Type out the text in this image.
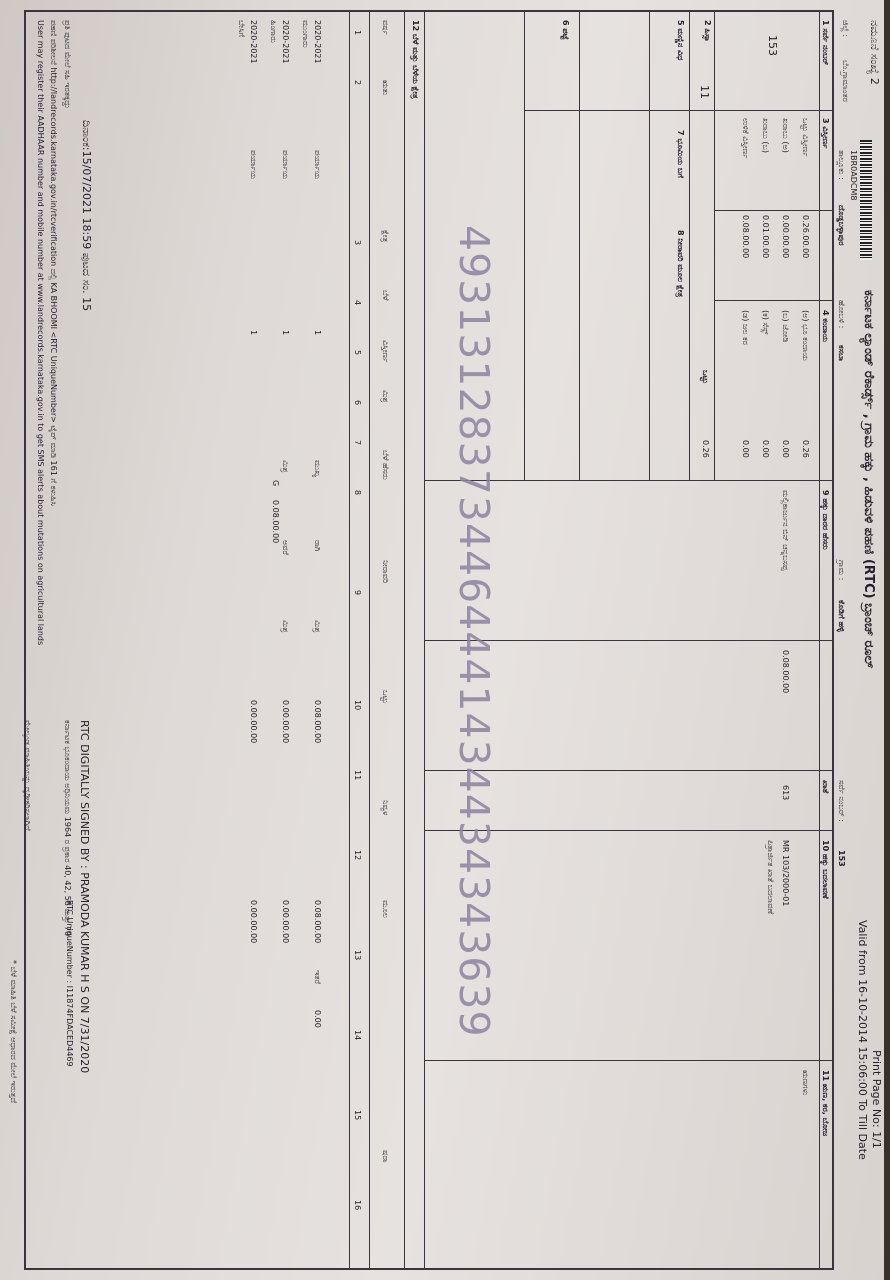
1BR0ADCM8
ನಮೂನೆ ಸಂಖ್ಯೆ 2
ಕರ್ನಾಟಕ ಲ್ಯಾಂಡ್ ರೆಕಾರ್ಡ್ಸ್ , ಗ್ರಾಮ ಹಕ್ಕು , ಹಿಡುವಳಿ ಪಹಣಿ (RTC) ಬ್ರಾಂಚ್ ರೂಲ್
Print Page No: 1/1
Valid from 16-10-2014 15:06:00 To Till Date
ಜಿಲ್ಲೆ :
ಬೆಂ.ಗ್ರಾಮಾಂತರ
ತಾಲ್ಲೂಕು :
ದೊಡ್ಡಬಳ್ಳಾಪುರ
ಹೋಬಳಿ :
ಕಸಬಾ
ಗ್ರಾಮ :
ಕೊಡಿಗೆ ಹಳ್ಳಿ
ಸರ್ವೆ ನಂಬರ್ :
153
1 ಸರ್ವೆ ನಂಬರ್
153
2 ಹಿಸ್ಸಾ
11
3 ವಿಸ್ತೀರ್ಣ
ಒಟ್ಟು ವಿಸ್ತೀರ್ಣ
ಖರಾಬು (ಅ)
ಖರಾಬು (ಬ)
ಉಳಿಕೆ ವಿಸ್ತೀರ್ಣ
0.26.00.00
0.00.00.00
0.01.00.00
0.08.00.00
4 ಕಂದಾಯ
(ಅ) ಭೂ ಕಂದಾಯ
(ಬ) ಜೋಡಿ
(ಕ) ಸೆಸ್ಸ್
(ಡ) ಜಲ ಕರ
0.26
0.00
0.00
0.00
ಒಟ್ಟು
0.26
5 ಮಣ್ಣಿನ ವಿಧ
7 ಭೂಮಿಯ ಬಗೆ
8 ನೀರಾವರಿ ಮೂಲ ಕ್ಷೇತ್ರ
6 ಪಟ್ಟೆ
9 ಹಕ್ಕು ದಾರರ ಹೆಸರು
ಮಲ್ಲಿಕಾರ್ಜುನ ಬಿನ್ ಚನ್ನಬಸಪ್ಪ
0.08.00.00
ಖಾತೆ
613
10 ಹಕ್ಕು ಬದಲಾವಣೆ
MR 103/2000-01
ಪಿತ್ರಾರ್ಜಿತ ಖಾತೆ ಬದಲಾವಣೆ
11 ಋಣ, ಕರ, ಬೋಜ
ಋಣಗಳು
12 ಬೆಳೆ ಮತ್ತು ಬೆಳೆಯ ಕ್ಷೇತ್ರ
ವರ್ಷ
ಋತು
ಕ್ಷೇತ್ರ
ಬೆಳೆ
ವಿಸ್ತೀರ್ಣ
ಮಿಶ್ರ
ಬೆಳೆ ಹೆಸರು
ನೀರಾವರಿ
ಒಟ್ಟು
ನಿವ್ವಳ
ಮೂಲ
ಷರಾ
1
2
3
4
5
6
7
8
9
10
11
12
13
14
15
16
2020-2021
ಮುಂಗಾರು
ಪರ್ಯಾಯ
1
ಮುಖ್ಯ
ರಾಗಿ
ಮಿಶ್ರ
0.08.00.00
0.08.00.00
2020-2021
ಹಿಂಗಾರು
ಪರ್ಯಾಯ
1
ಮಿಶ್ರ
ಅವರೆ
ಮಿಶ್ರ
0.00.00.00
0.00.00.00
2020-2021
ಬೇಸಿಗೆ
ಪರ್ಯಾಯ
1
0.00.00.00
0.00.00.00
G
0.08.00.00
0.00
ಇತರೆ	493131283734464441434434343639
ದಿನಾಂಕ:15/07/2021 18:59 ಪುಟದ ಸಂ. 15
RTC DIGITALLY SIGNED BY : PRAMODA KUMAR H S ON 7/31/2020
RTC UniqueNumber : I11874FDACED4469
ಪಹಣಿ ಪರಿಶೀಲನೆ http://landrecords.karnataka.gov.in/rtcverification ದಲ್ಲಿ KA BHOOMI <RTC UniqueNumber> ಟೈಪ್ ಮಾಡಿ 161 ಗೆ ಕಳುಹಿಸಿ
User may register their AADHAAR number and mobile number at www.landrecords.karnataka.gov.in to get SMS alerts about mutations on agricultural lands
ಕರ್ನಾಟಕ ಭೂಕಂದಾಯ ಅಧಿನಿಯಮ 1964 ರ ಪ್ರಕಾರ 40, 42, 58 ಮತ್ತು 70
ಮೇಲ್ಕಂಡ ಮಾಹಿತಿಯನ್ನು ದೃಢೀಕರಿಸಲಾಗಿದೆ
ಪ್ರತಿ ಪುಟದ ಮೇಲೆ ಸಹಿ ಇರತಕ್ಕದ್ದು
* ಬೆಳೆ ಮಾಹಿತಿ ಬೆಳೆ ಸಮೀಕ್ಷೆ ಆಧಾರದ ಮೇಲೆ ಇರುತ್ತದೆ
